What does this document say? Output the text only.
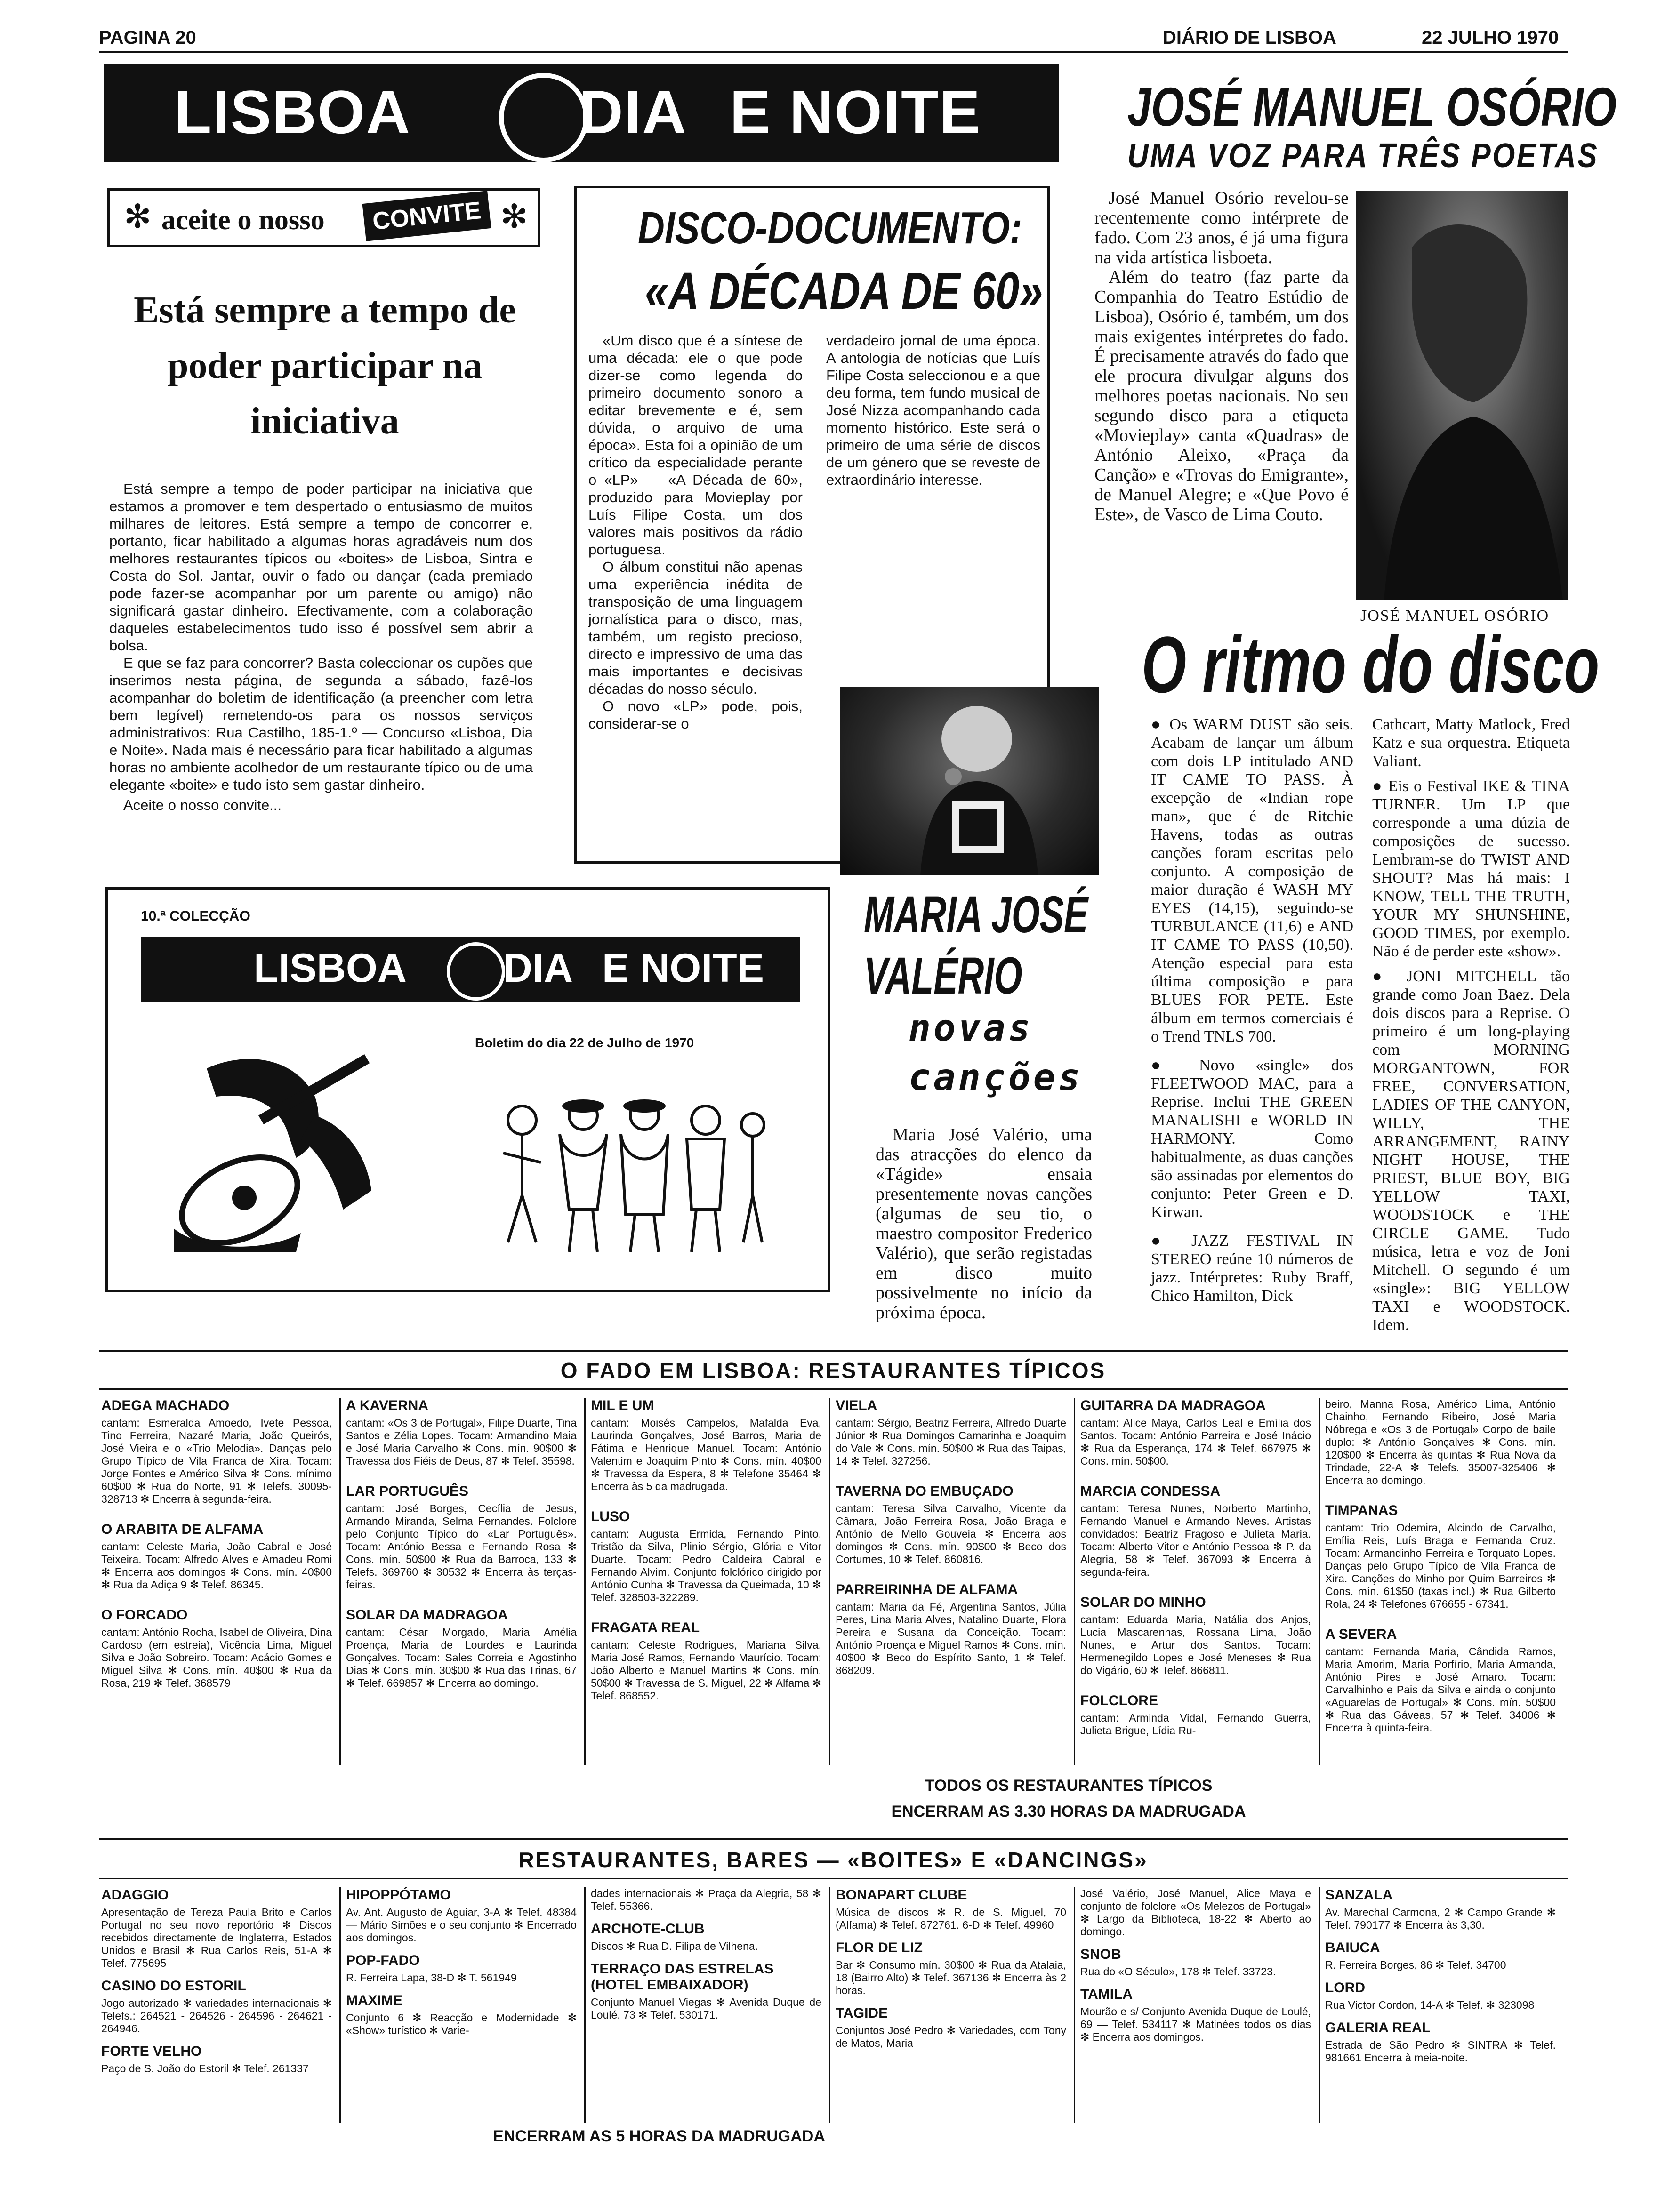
PAGINA 20	DIÁRIO DE LISBOA	22 JULHO 1970
LISBOA	DIA E NOITE
✻ aceite o nosso	CONVITE ✻
Está sempre a tempo de poder participar na iniciativa

Está sempre a tempo de poder participar na iniciativa que estamos a promover e tem despertado o entusiasmo de muitos milhares de leitores. Está sempre a tempo de concorrer e, portanto, ficar habilitado a algumas horas agradáveis num dos melhores restaurantes típicos ou «boites» de Lisboa, Sintra e Costa do Sol. Jantar, ouvir o fado ou dançar (cada premiado pode fazer-se acompanhar por um parente ou amigo) não significará gastar dinheiro. Efectivamente, com a colaboração daqueles estabelecimentos tudo isso é possível sem abrir a bolsa.

E que se faz para concorrer? Basta coleccionar os cupões que inserimos nesta página, de segunda a sábado, fazê-los acompanhar do boletim de identificação (a preencher com letra bem legível) remetendo-os para os nossos serviços administrativos: Rua Castilho, 185-1.º — Concurso «Lisboa, Dia e Noite». Nada mais é necessário para ficar habilitado a algumas horas no ambiente acolhedor de um restaurante típico ou de uma elegante «boite» e tudo isto sem gastar dinheiro.

Aceite o nosso convite...

10.ª COLECÇÃO
LISBOA DIA E NOITE
Boletim do dia 22 de Julho de 1970
DISCO-DOCUMENTO:
«A DÉCADA DE 60»

«Um disco que é a síntese de uma década: ele o que pode dizer-se como legenda do primeiro documento sonoro a editar brevemente e é, sem dúvida, o arquivo de uma época». Esta foi a opinião de um crítico da especialidade perante o «LP» — «A Década de 60», produzido para Movieplay por Luís Filipe Costa, um dos valores mais positivos da rádio portuguesa.

O álbum constitui não apenas uma experiência inédita de transposição de uma linguagem jornalística para o disco, mas, também, um registo precioso, directo e impressivo de uma das mais importantes e decisivas décadas do nosso século.

O novo «LP» pode, pois, considerar-se o

verdadeiro jornal de uma época. A antologia de notícias que Luís Filipe Costa seleccionou e a que deu forma, tem fundo musical de José Nizza acompanhando cada momento histórico. Este será o primeiro de uma série de discos de um género que se reveste de extraordinário interesse.

MARIA JOSÉ
VALÉRIO
novas
canções
Maria José Valério, uma das atracções do elenco da «Tágide» ensaia presentemente novas canções (algumas de seu tio, o maestro compositor Frederico Valério), que serão registadas em disco muito possivelmente no início da próxima época.
JOSÉ MANUEL OSÓRIO
UMA VOZ PARA TRÊS POETAS

José Manuel Osório revelou-se recentemente como intérprete de fado. Com 23 anos, é já uma figura na vida artística lisboeta.

Além do teatro (faz parte da Companhia do Teatro Estúdio de Lisboa), Osório é, também, um dos mais exigentes intérpretes do fado. É precisamente através do fado que ele procura divulgar alguns dos melhores poetas nacionais. No seu segundo disco para a etiqueta «Movieplay» canta «Quadras» de António Aleixo, «Praça da Canção» e «Trovas do Emigrante», de Manuel Alegre; e «Que Povo é Este», de Vasco de Lima Couto.

JOSÉ MANUEL OSÓRIO
O ritmo do disco

● Os WARM DUST são seis. Acabam de lançar um álbum com dois LP intitulado AND IT CAME TO PASS. À excepção de «Indian rope man», que é de Ritchie Havens, todas as outras canções foram escritas pelo conjunto. A composição de maior duração é WASH MY EYES (14,15), seguindo-se TURBULANCE (11,6) e AND IT CAME TO PASS (10,50). Atenção especial para esta última composição e para BLUES FOR PETE. Este álbum em termos comerciais é o Trend TNLS 700.

● Novo «single» dos FLEETWOOD MAC, para a Reprise. Inclui THE GREEN MANALISHI e WORLD IN HARMONY. Como habitualmente, as duas canções são assinadas por elementos do conjunto: Peter Green e D. Kirwan.

● JAZZ FESTIVAL IN STEREO reúne 10 números de jazz. Intérpretes: Ruby Braff, Chico Hamilton, Dick

Cathcart, Matty Matlock, Fred Katz e sua orquestra. Etiqueta Valiant.

● Eis o Festival IKE & TINA TURNER. Um LP que corresponde a uma dúzia de composições de sucesso. Lembram-se do TWIST AND SHOUT? Mas há mais: I KNOW, TELL THE TRUTH, YOUR MY SHUNSHINE, GOOD TIMES, por exemplo. Não é de perder este «show».

● JONI MITCHELL tão grande como Joan Baez. Dela dois discos para a Reprise. O primeiro é um long-playing com MORNING MORGANTOWN, FOR FREE, CONVERSATION, LADIES OF THE CANYON, WILLY, THE ARRANGEMENT, RAINY NIGHT HOUSE, THE PRIEST, BLUE BOY, BIG YELLOW TAXI, WOODSTOCK e THE CIRCLE GAME. Tudo música, letra e voz de Joni Mitchell. O segundo é um «single»: BIG YELLOW TAXI e WOODSTOCK. Idem.

O FADO EM LISBOA: RESTAURANTES TÍPICOS
ADEGA MACHADO
cantam: Esmeralda Amoedo, Ivete Pessoa, Tino Ferreira, Nazaré Maria, João Queirós, José Vieira e o «Trio Melodia». Danças pelo Grupo Típico de Vila Franca de Xira. Tocam: Jorge Fontes e Américo Silva ✻ Cons. mínimo 60$00 ✻ Rua do Norte, 91 ✻ Telefs. 30095-328713 ✻ Encerra à segunda-feira.
O ARABITA DE ALFAMA
cantam: Celeste Maria, João Cabral e José Teixeira. Tocam: Alfredo Alves e Amadeu Romi ✻ Encerra aos domingos ✻ Cons. mín. 40$00 ✻ Rua da Adiça 9 ✻ Telef. 86345.
O FORCADO
cantam: António Rocha, Isabel de Oliveira, Dina Cardoso (em estreia), Vicência Lima, Miguel Silva e João Sobreiro. Tocam: Acácio Gomes e Miguel Silva ✻ Cons. mín. 40$00 ✻ Rua da Rosa, 219 ✻ Telef. 368579
A KAVERNA
cantam: «Os 3 de Portugal», Filipe Duarte, Tina Santos e Zélia Lopes. Tocam: Armandino Maia e José Maria Carvalho ✻ Cons. mín. 90$00 ✻ Travessa dos Fiéis de Deus, 87 ✻ Telef. 35598.
LAR PORTUGUÊS
cantam: José Borges, Cecília de Jesus, Armando Miranda, Selma Fernandes. Folclore pelo Conjunto Típico do «Lar Português». Tocam: António Bessa e Fernando Rosa ✻ Cons. mín. 50$00 ✻ Rua da Barroca, 133 ✻ Telefs. 369760 ✻ 30532 ✻ Encerra às terças-feiras.
SOLAR DA MADRAGOA
cantam: César Morgado, Maria Amélia Proença, Maria de Lourdes e Laurinda Gonçalves. Tocam: Sales Correia e Agostinho Dias ✻ Cons. mín. 30$00 ✻ Rua das Trinas, 67 ✻ Telef. 669857 ✻ Encerra ao domingo.
MIL E UM
cantam: Moisés Campelos, Mafalda Eva, Laurinda Gonçalves, José Barros, Maria de Fátima e Henrique Manuel. Tocam: António Valentim e Joaquim Pinto ✻ Cons. mín. 40$00 ✻ Travessa da Espera, 8 ✻ Telefone 35464 ✻ Encerra às 5 da madrugada.
LUSO
cantam: Augusta Ermida, Fernando Pinto, Tristão da Silva, Plinio Sérgio, Glória e Vitor Duarte. Tocam: Pedro Caldeira Cabral e Fernando Alvim. Conjunto folclórico dirigido por António Cunha ✻ Travessa da Queimada, 10 ✻ Telef. 328503-322289.
FRAGATA REAL
cantam: Celeste Rodrigues, Mariana Silva, Maria José Ramos, Fernando Maurício. Tocam: João Alberto e Manuel Martins ✻ Cons. mín. 50$00 ✻ Travessa de S. Miguel, 22 ✻ Alfama ✻ Telef. 868552.
VIELA
cantam: Sérgio, Beatriz Ferreira, Alfredo Duarte Júnior ✻ Rua Domingos Camarinha e Joaquim do Vale ✻ Cons. mín. 50$00 ✻ Rua das Taipas, 14 ✻ Telef. 327256.
TAVERNA DO EMBUÇADO
cantam: Teresa Silva Carvalho, Vicente da Câmara, João Ferreira Rosa, João Braga e António de Mello Gouveia ✻ Encerra aos domingos ✻ Cons. mín. 90$00 ✻ Beco dos Cortumes, 10 ✻ Telef. 860816.
PARREIRINHA DE ALFAMA
cantam: Maria da Fé, Argentina Santos, Júlia Peres, Lina Maria Alves, Natalino Duarte, Flora Pereira e Susana da Conceição. Tocam: António Proença e Miguel Ramos ✻ Cons. mín. 40$00 ✻ Beco do Espírito Santo, 1 ✻ Telef. 868209.
GUITARRA DA MADRAGOA
cantam: Alice Maya, Carlos Leal e Emília dos Santos. Tocam: António Parreira e José Inácio ✻ Rua da Esperança, 174 ✻ Telef. 667975 ✻ Cons. mín. 50$00.
MARCIA CONDESSA
cantam: Teresa Nunes, Norberto Martinho, Fernando Manuel e Armando Neves. Artistas convidados: Beatriz Fragoso e Julieta Maria. Tocam: Alberto Vitor e António Pessoa ✻ P. da Alegria, 58 ✻ Telef. 367093 ✻ Encerra à segunda-feira.
SOLAR DO MINHO
cantam: Eduarda Maria, Natália dos Anjos, Lucia Mascarenhas, Rossana Lima, João Nunes, e Artur dos Santos. Tocam: Hermenegildo Lopes e José Meneses ✻ Rua do Vigário, 60 ✻ Telef. 866811.
FOLCLORE
cantam: Arminda Vidal, Fernando Guerra, Julieta Brigue, Lídia Ru-
beiro, Manna Rosa, Américo Lima, António Chainho, Fernando Ribeiro, José Maria Nóbrega e «Os 3 de Portugal» Corpo de baile duplo: ✻ António Gonçalves ✻ Cons. mín. 120$00 ✻ Encerra às quintas ✻ Rua Nova da Trindade, 22-A ✻ Telefs. 35007-325406 ✻ Encerra ao domingo.
TIMPANAS
cantam: Trio Odemira, Alcindo de Carvalho, Emília Reis, Luís Braga e Fernanda Cruz. Tocam: Armandinho Ferreira e Torquato Lopes. Danças pelo Grupo Típico de Vila Franca de Xira. Canções do Minho por Quim Barreiros ✻ Cons. mín. 61$50 (taxas incl.) ✻ Rua Gilberto Rola, 24 ✻ Telefones 676655 - 67341.
A SEVERA
cantam: Fernanda Maria, Cândida Ramos, Maria Amorim, Maria Porfírio, Maria Armanda, António Pires e José Amaro. Tocam: Carvalhinho e Pais da Silva e ainda o conjunto «Aguarelas de Portugal» ✻ Cons. mín. 50$00 ✻ Rua das Gáveas, 57 ✻ Telef. 34006 ✻ Encerra à quinta-feira.
TODOS OS RESTAURANTES TÍPICOS
ENCERRAM AS 3.30 HORAS DA MADRUGADA
RESTAURANTES, BARES — «BOITES» E «DANCINGS»
ADAGGIO
Apresentação de Tereza Paula Brito e Carlos Portugal no seu novo reportório ✻ Discos recebidos directamente de Inglaterra, Estados Unidos e Brasil ✻ Rua Carlos Reis, 51-A ✻ Telef. 775695
CASINO DO ESTORIL
Jogo autorizado ✻ variedades internacionais ✻ Telefs.: 264521 - 264526 - 264596 - 264621 - 264946.
FORTE VELHO
Paço de S. João do Estoril ✻ Telef. 261337
HIPOPPÓTAMO
Av. Ant. Augusto de Aguiar, 3-A ✻ Telef. 48384 — Mário Simões e o seu conjunto ✻ Encerrado aos domingos.
POP-FADO
R. Ferreira Lapa, 38-D ✻ T. 561949
MAXIME
Conjunto 6 ✻ Reacção e Modernidade ✻ «Show» turístico ✻ Varie-
dades internacionais ✻ Praça da Alegria, 58 ✻ Telef. 55366.
ARCHOTE-CLUB
Discos ✻ Rua D. Filipa de Vilhena.
TERRAÇO DAS ESTRELAS (HOTEL EMBAIXADOR)
Conjunto Manuel Viegas ✻ Avenida Duque de Loulé, 73 ✻ Telef. 530171.
BONAPART CLUBE
Música de discos ✻ R. de S. Miguel, 70 (Alfama) ✻ Telef. 872761. 6-D ✻ Telef. 49960
FLOR DE LIZ
Bar ✻ Consumo mín. 30$00 ✻ Rua da Atalaia, 18 (Bairro Alto) ✻ Telef. 367136 ✻ Encerra às 2 horas.
TAGIDE
Conjuntos José Pedro ✻ Variedades, com Tony de Matos, Maria
José Valério, José Manuel, Alice Maya e conjunto de folclore «Os Melezos de Portugal» ✻ Largo da Biblioteca, 18-22 ✻ Aberto ao domingo.
SNOB
Rua do «O Século», 178 ✻ Telef. 33723.
TAMILA
Mourão e s/ Conjunto Avenida Duque de Loulé, 69 — Telef. 534117 ✻ Matinées todos os dias ✻ Encerra aos domingos.
SANZALA
Av. Marechal Carmona, 2 ✻ Campo Grande ✻ Telef. 790177 ✻ Encerra às 3,30.
BAIUCA
R. Ferreira Borges, 86 ✻ Telef. 34700
LORD
Rua Victor Cordon, 14-A ✻ Telef. ✻ 323098
GALERIA REAL
Estrada de São Pedro ✻ SINTRA ✻ Telef. 981661 Encerra à meia-noite.
ENCERRAM AS 5 HORAS DA MADRUGADA
